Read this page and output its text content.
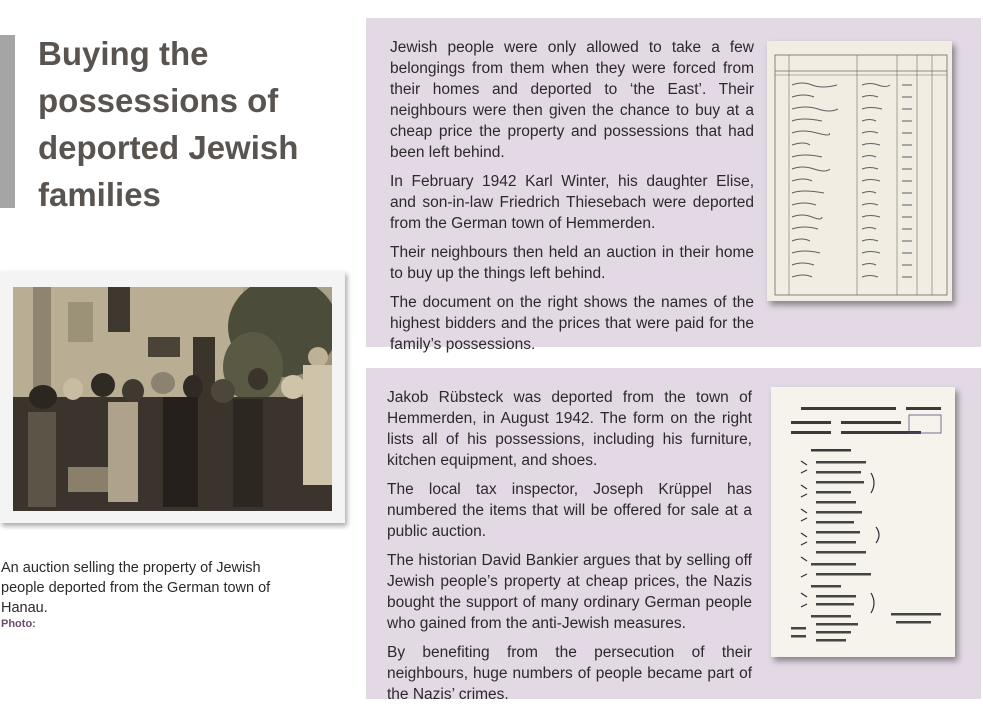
Buying the possessions of deported Jewish families

An auction selling the property of Jewish people deported from the German town of Hanau.

Photo:

Jewish people were only allowed to take a few belongings from them when they were forced from their homes and deported to ‘the East’. Their neighbours were then given the chance to buy at a cheap price the property and possessions that had been left behind.

In February 1942 Karl Winter, his daughter Elise, and son-in-law Friedrich Thiesebach were deported from the German town of Hemmerden.

Their neighbours then held an auction in their home to buy up the things left behind.

The document on the right shows the names of the highest bidders and the prices that were paid for the family’s possessions.

Jakob Rübsteck was deported from the town of Hemmerden, in August 1942. The form on the right lists all of his possessions, including his furniture, kitchen equipment, and shoes.

The local tax inspector, Joseph Krüppel has numbered the items that will be offered for sale at a public auction.

The historian David Bankier argues that by selling off Jewish people’s property at cheap prices, the Nazis bought the support of many ordinary German people who gained from the anti-Jewish measures.

By benefiting from the persecution of their neighbours, huge numbers of people became part of the Nazis’ crimes.
